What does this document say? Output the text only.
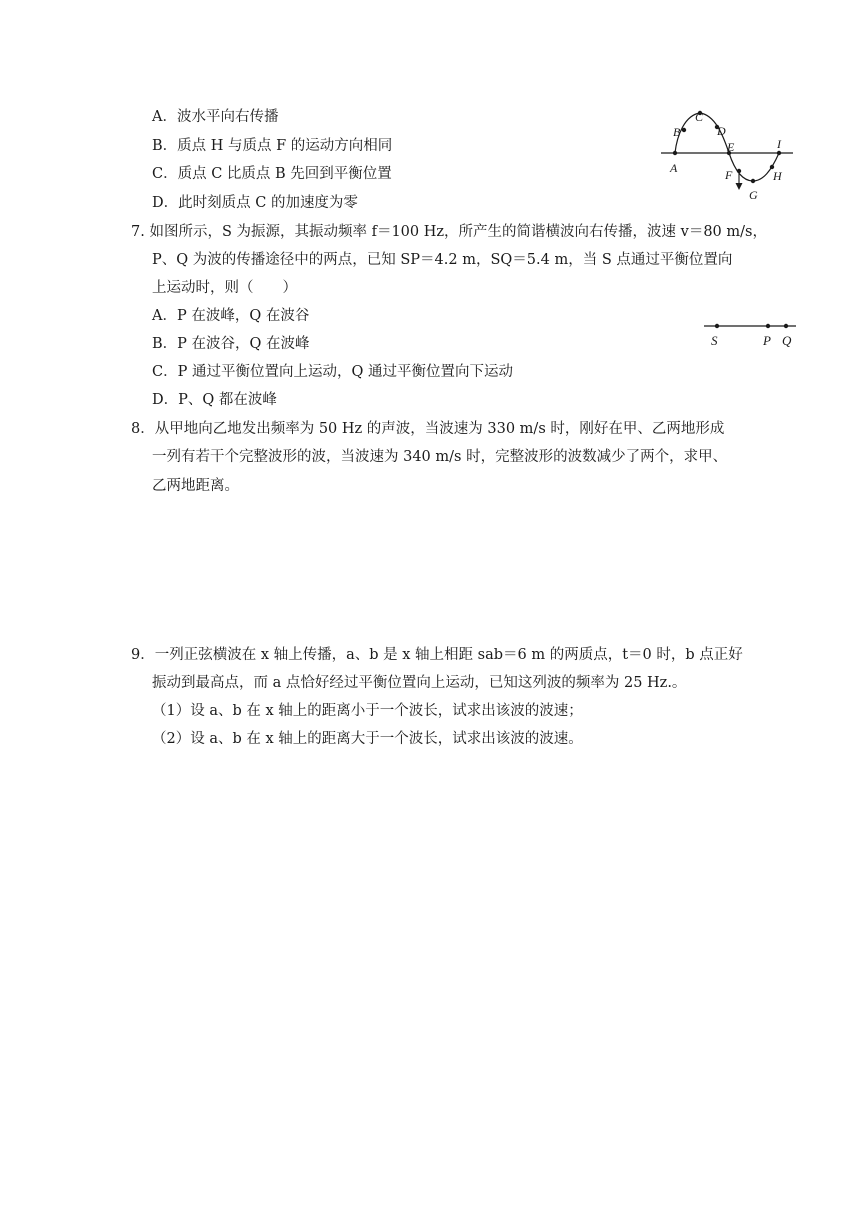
A．波水平向右传播
B．质点 H 与质点 F 的运动方向相同
C．质点 C 比质点 B 先回到平衡位置
D．此时刻质点 C 的加速度为零
A
B
C
D
E
F
G
H
I
7. 如图所示，S 为振源，其振动频率 f＝100 Hz，所产生的简谐横波向右传播，波速 v＝80 m/s，
P、Q 为波的传播途径中的两点，已知 SP＝4.2 m，SQ＝5.4 m，当 S 点通过平衡位置向
上运动时，则（　　）
A．P 在波峰，Q 在波谷
B．P 在波谷，Q 在波峰
C．P 通过平衡位置向上运动，Q 通过平衡位置向下运动
D．P、Q 都在波峰
S	P Q
8．从甲地向乙地发出频率为 50 Hz 的声波，当波速为 330 m/s 时，刚好在甲、乙两地形成
一列有若干个完整波形的波，当波速为 340 m/s 时，完整波形的波数减少了两个，求甲、
乙两地距离。
9．一列正弦横波在 x 轴上传播，a、b 是 x 轴上相距 sab＝6 m 的两质点，t＝0 时，b 点正好
振动到最高点，而 a 点恰好经过平衡位置向上运动，已知这列波的频率为 25 Hz.。
（1）设 a、b 在 x 轴上的距离小于一个波长，试求出该波的波速；
（2）设 a、b 在 x 轴上的距离大于一个波长，试求出该波的波速。
